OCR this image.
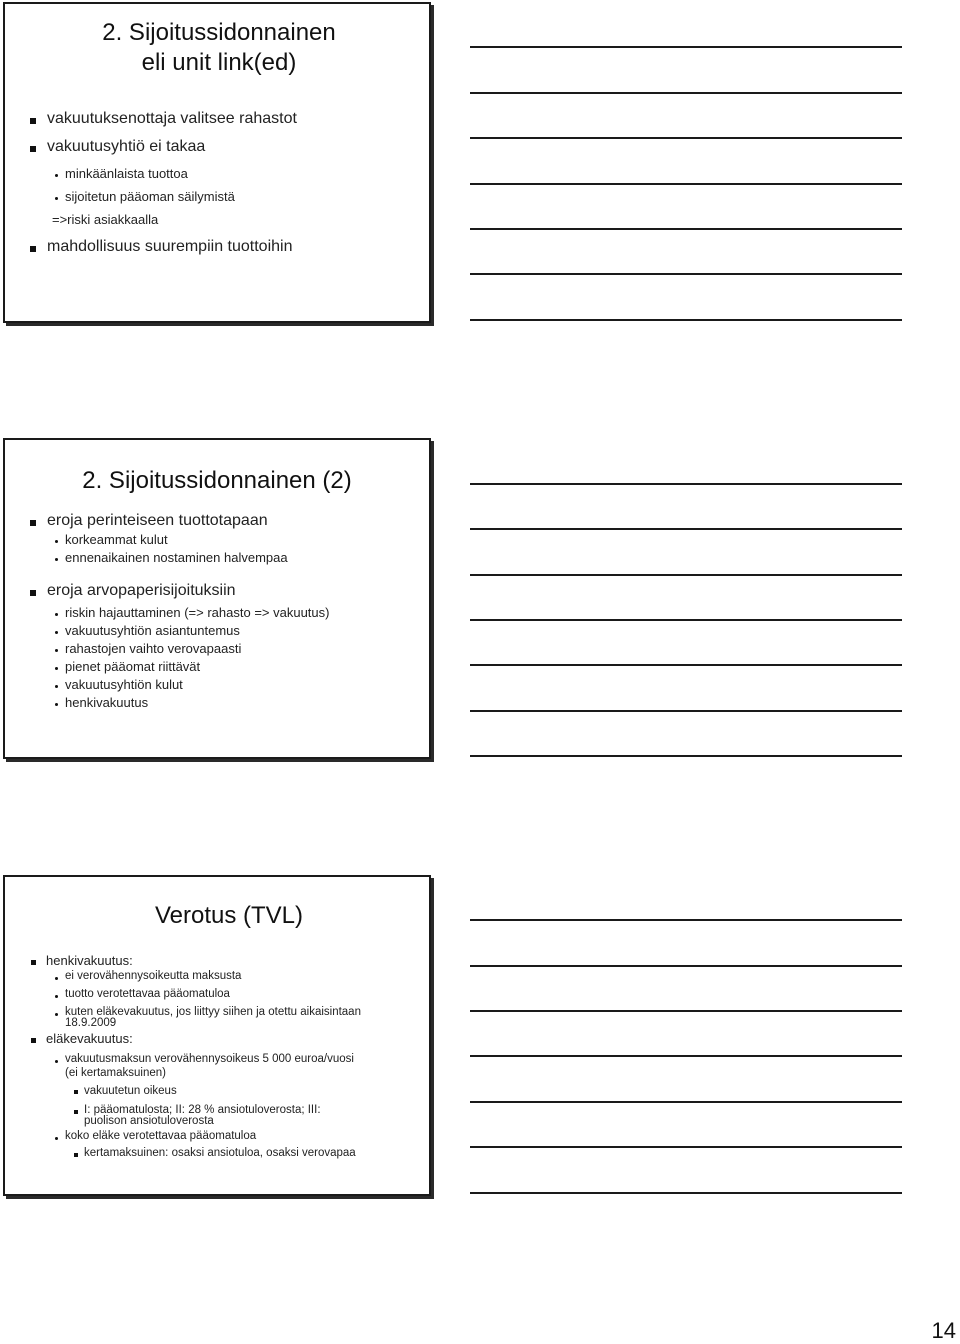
2. Sijoitussidonnainen eli unit link(ed)
vakuutuksenottaja valitsee rahastot
vakuutusyhtiö ei takaa
minkäänlaista tuottoa
sijoitetun pääoman säilymistä
=>riski asiakkaalla
mahdollisuus suurempiin tuottoihin
2. Sijoitussidonnainen (2)
eroja perinteiseen tuottotapaan
korkeammat kulut
ennenaikainen nostaminen halvempaa
eroja arvopaperisijoituksiin
riskin hajauttaminen (=> rahasto => vakuutus)
vakuutusyhtiön asiantuntemus
rahastojen vaihto verovapaasti
pienet pääomat riittävät
vakuutusyhtiön kulut
henkivakuutus
Verotus (TVL)
henkivakuutus:
ei verovähennysoikeutta maksusta
tuotto verotettavaa pääomatuloa
kuten eläkevakuutus, jos liittyy siihen ja otettu aikaisintaan
18.9.2009
eläkevakuutus:
vakuutusmaksun verovähennysoikeus 5 000 euroa/vuosi
(ei kertamaksuinen)
vakuutetun oikeus
I: pääomatulosta; II: 28 % ansiotuloverosta; III:
puolison ansiotuloverosta
koko eläke verotettavaa pääomatuloa
kertamaksuinen: osaksi ansiotuloa, osaksi verovapaa
14
